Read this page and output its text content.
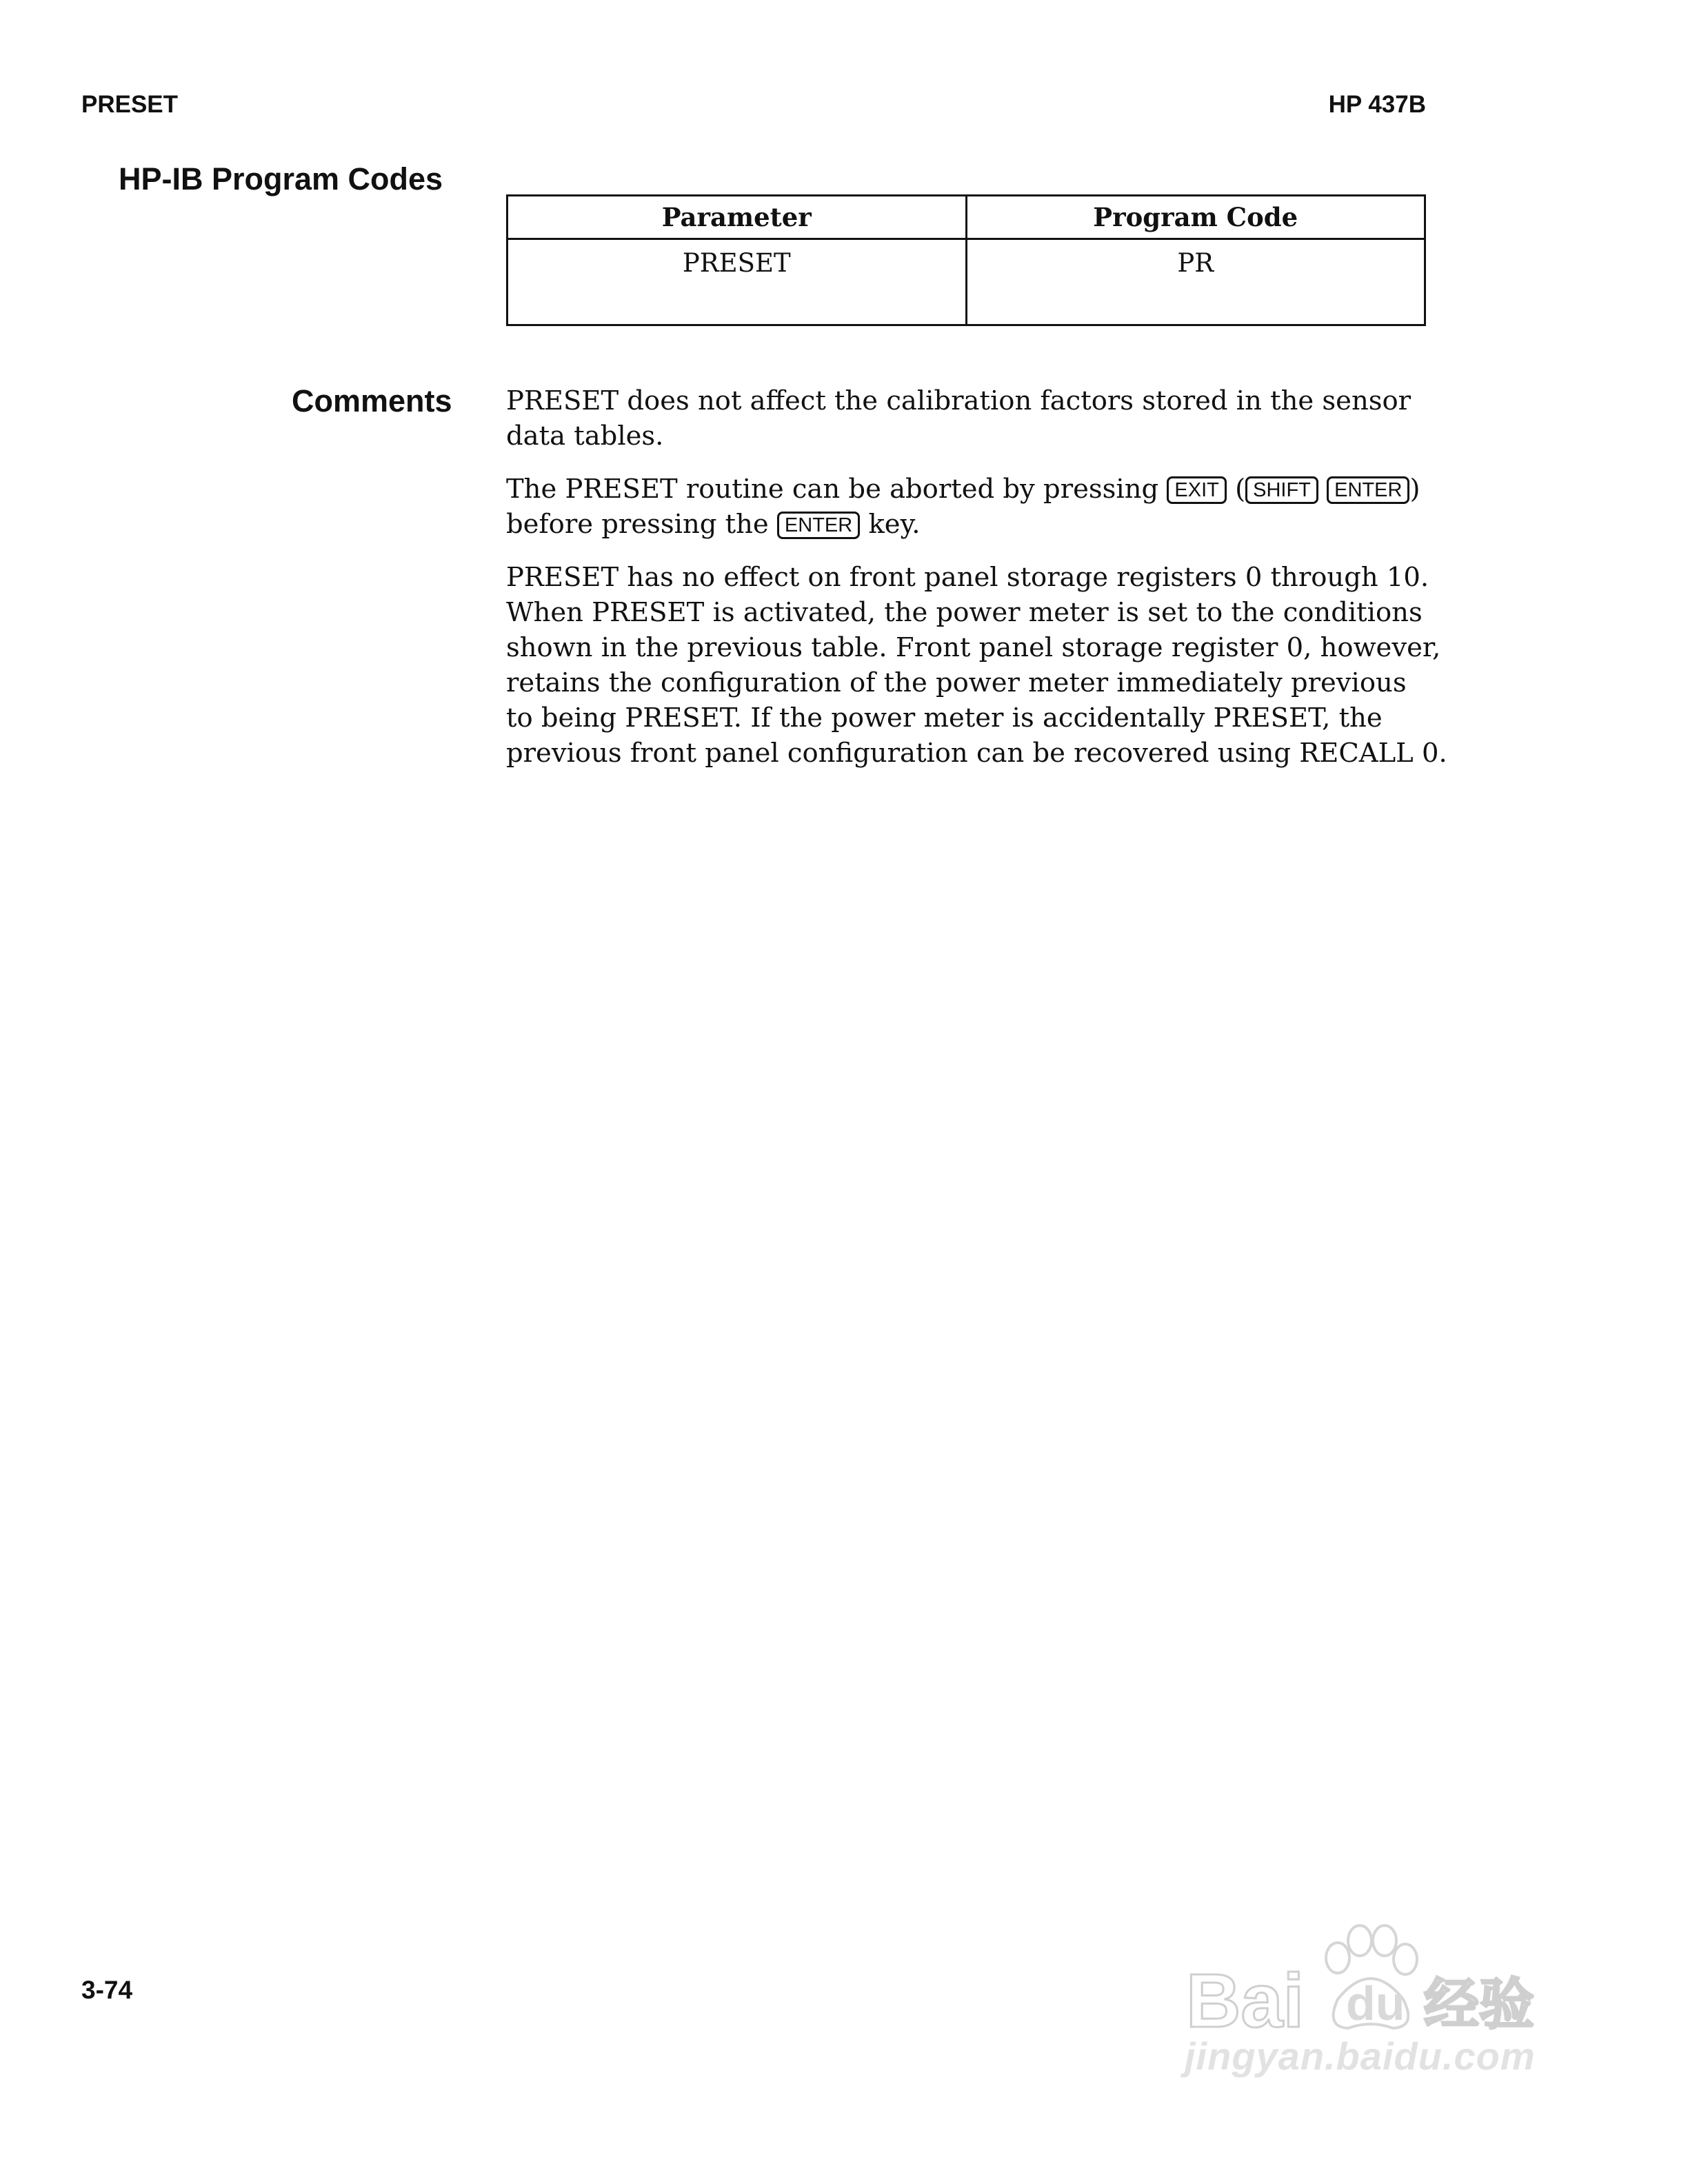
PRESET	HP 437B
HP-IB Program Codes
Parameter	Program Code
PRESET	PR
Comments PRESET does not affect the calibration factors stored in the sensor
data tables.
The PRESET routine can be aborted by pressing EXIT ( SHIFT ENTER ) before pressing the ENTER key.
PRESET has no effect on front panel storage registers 0 through 10.
When PRESET is activated, the power meter is set to the conditions
shown in the previous table. Front panel storage register 0, however,
retains the configuration of the power meter immediately previous
to being PRESET. If the power meter is accidentally PRESET, the
previous front panel configuration can be recovered using RECALL 0.
3-74	Bai du 经验
jingyan.baidu.com
